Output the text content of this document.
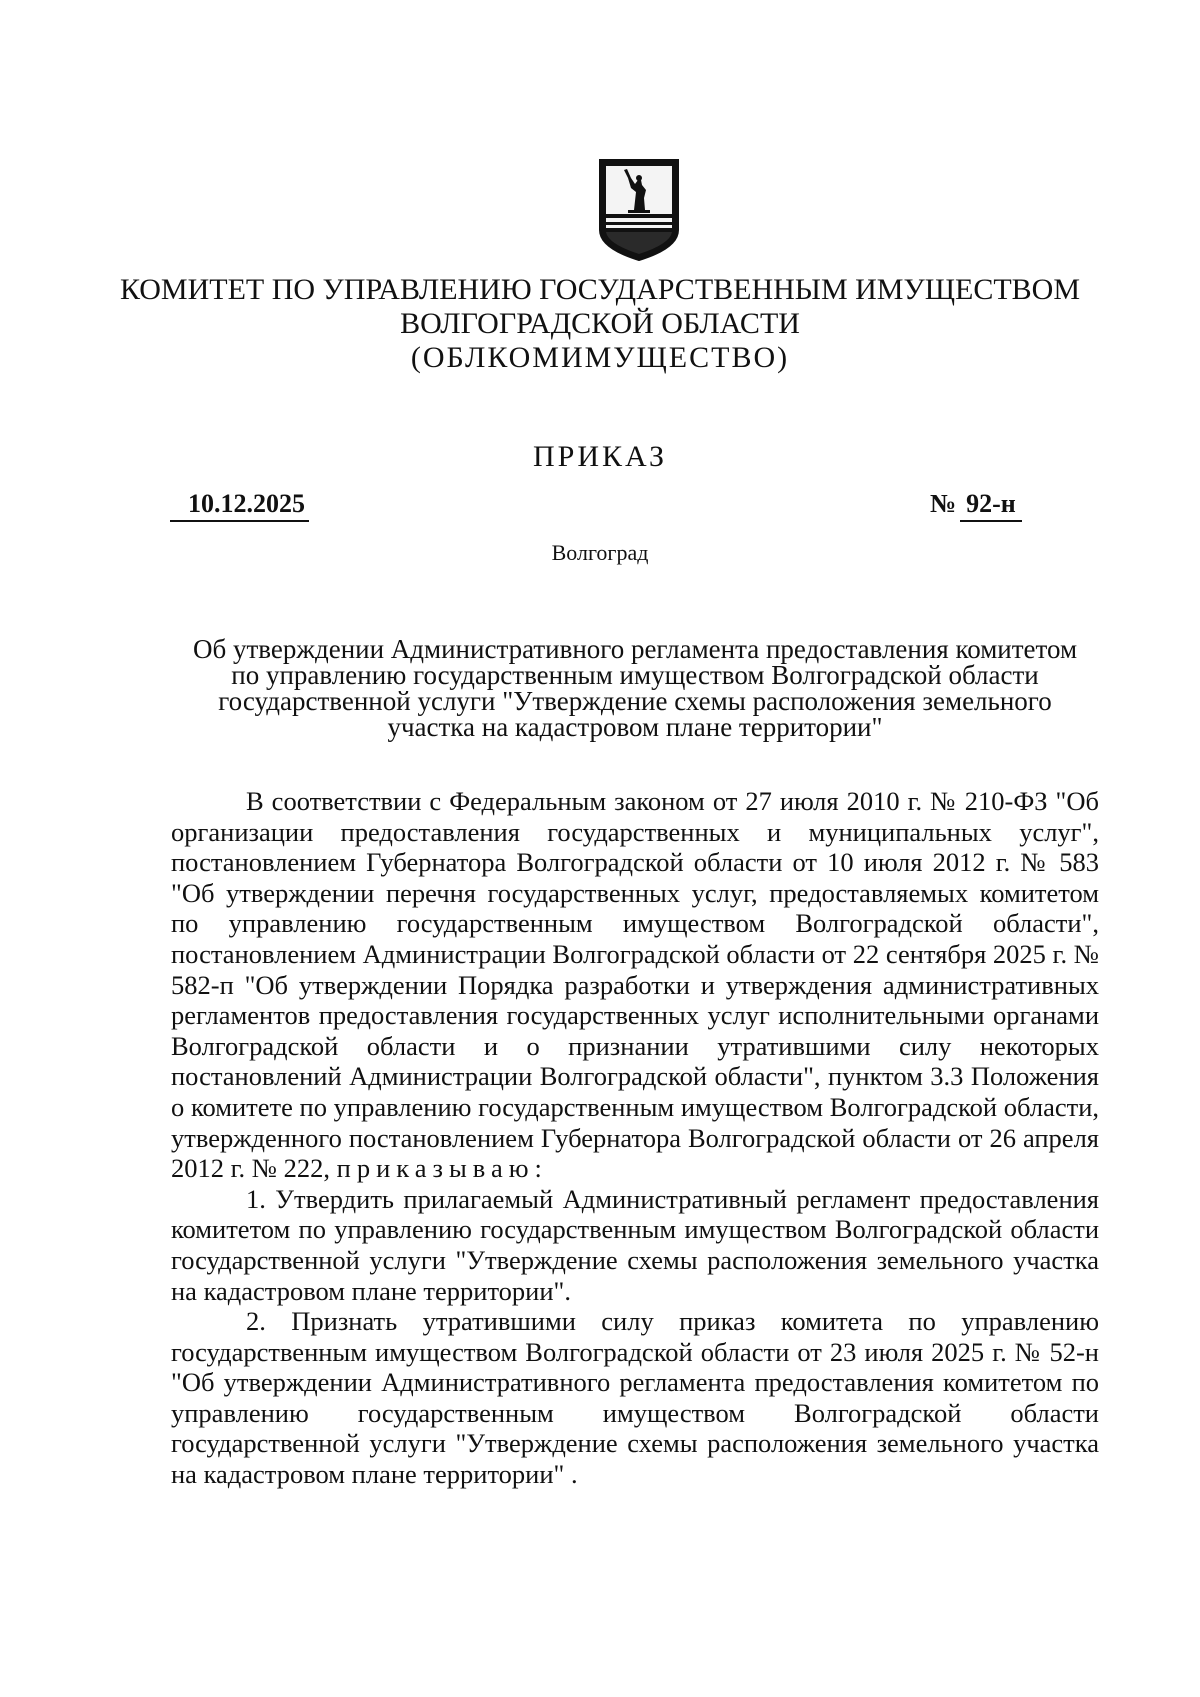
КОМИТЕТ ПО УПРАВЛЕНИЮ ГОСУДАРСТВЕННЫМ ИМУЩЕСТВОМ
ВОЛГОГРАДСКОЙ ОБЛАСТИ
(ОБЛКОМИМУЩЕСТВО)
ПРИКАЗ
10.12.2025	№ 92-н
Волгоград
Об утверждении Административного регламента предоставления комитетом
по управлению государственным имуществом Волгоградской области
государственной услуги "Утверждение схемы расположения земельного
участка на кадастровом плане территории"

В соответствии с Федеральным законом от 27 июля 2010 г. № 210-ФЗ "Об организации предоставления государственных и муниципальных услуг", постановлением Губернатора Волгоградской области от 10 июля 2012 г. № 583 "Об утверждении перечня государственных услуг, предоставляемых комитетом по управлению государственным имуществом Волгоградской области", постановлением Администрации Волгоградской области от 22 сентября 2025 г. № 582-п "Об утверждении Порядка разработки и утверждения административных регламентов предоставления государственных услуг исполнительными органами Волгоградской области и о признании утратившими силу некоторых постановлений Администрации Волгоградской области", пунктом 3.3 Положения о комитете по управлению государственным имуществом Волгоградской области, утвержденного постановлением Губернатора Волгоградской области от 26 апреля 2012 г. № 222, приказываю:

1. Утвердить прилагаемый Административный регламент предоставления комитетом по управлению государственным имуществом Волгоградской области государственной услуги "Утверждение схемы расположения земельного участка на кадастровом плане территории".

2. Признать утратившими силу приказ комитета по управлению государственным имуществом Волгоградской области от 23 июля 2025 г. № 52-н "Об утверждении Административного регламента предоставления комитетом по управлению государственным имуществом Волгоградской области государственной услуги "Утверждение схемы расположения земельного участка на кадастровом плане территории" .
